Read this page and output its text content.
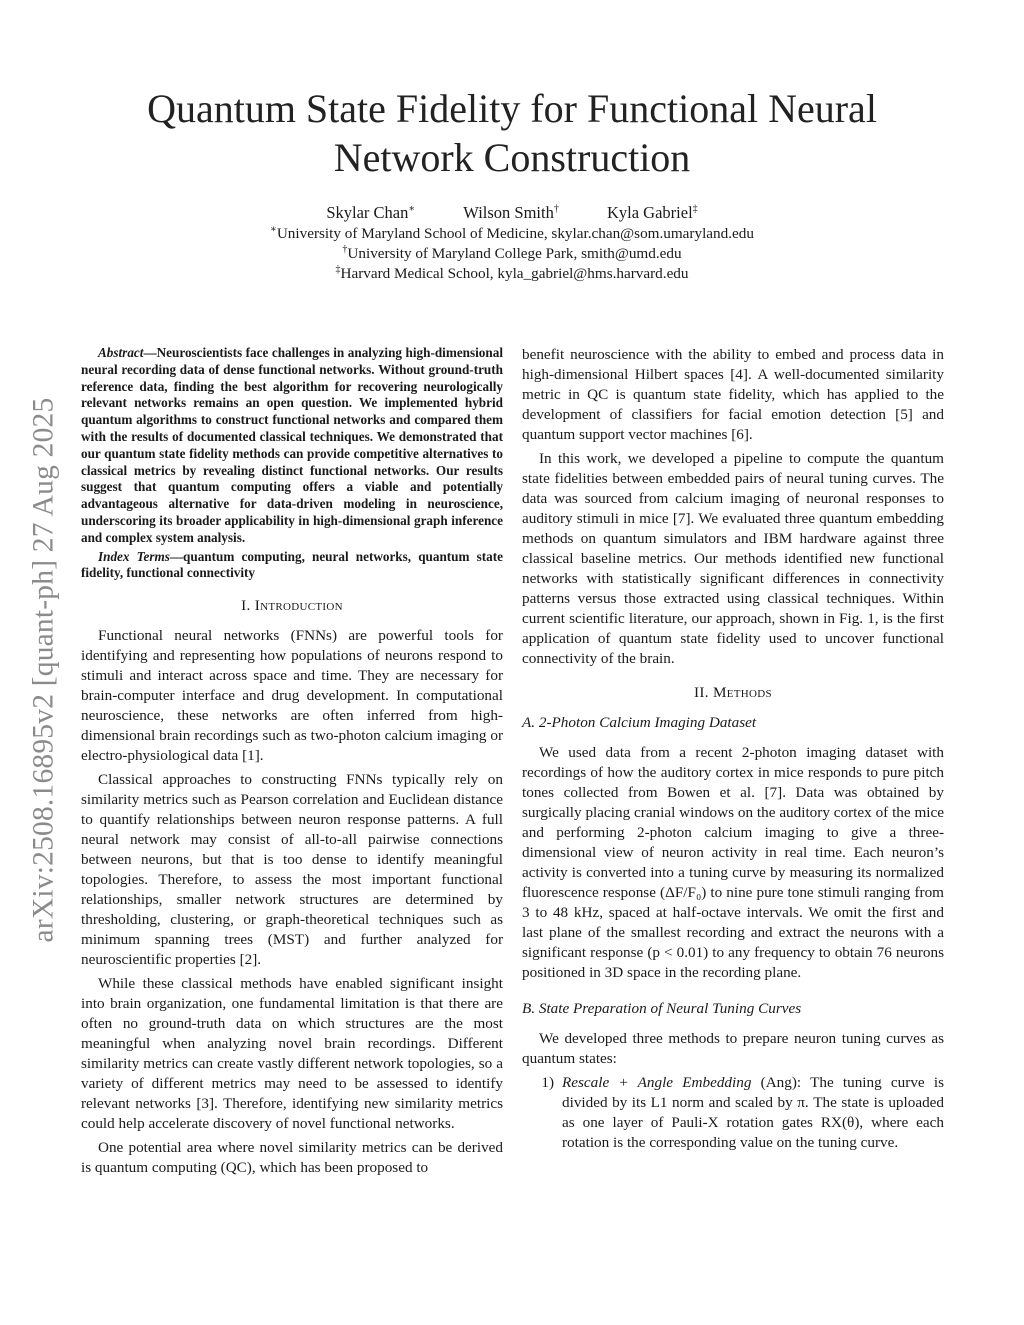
arXiv:2508.16895v2 [quant-ph] 27 Aug 2025
Quantum State Fidelity for Functional Neural Network Construction
Skylar Chan∗	Wilson Smith†	Kyla Gabriel‡
∗University of Maryland School of Medicine, skylar.chan@som.umaryland.edu
†University of Maryland College Park, smith@umd.edu
‡Harvard Medical School, kyla_gabriel@hms.harvard.edu

Abstract—Neuroscientists face challenges in analyzing high-dimensional neural recording data of dense functional networks. Without ground-truth reference data, finding the best algorithm for recovering neurologically relevant networks remains an open question. We implemented hybrid quantum algorithms to construct functional networks and compared them with the results of documented classical techniques. We demonstrated that our quantum state fidelity methods can provide competitive alternatives to classical metrics by revealing distinct functional networks. Our results suggest that quantum computing offers a viable and potentially advantageous alternative for data-driven modeling in neuroscience, underscoring its broader applicability in high-dimensional graph inference and complex system analysis.

Index Terms—quantum computing, neural networks, quantum state fidelity, functional connectivity

I. Introduction

Functional neural networks (FNNs) are powerful tools for identifying and representing how populations of neurons respond to stimuli and interact across space and time. They are necessary for brain-computer interface and drug development. In computational neuroscience, these networks are often inferred from high-dimensional brain recordings such as two-photon calcium imaging or electro-physiological data [1].

Classical approaches to constructing FNNs typically rely on similarity metrics such as Pearson correlation and Euclidean distance to quantify relationships between neuron response patterns. A full neural network may consist of all-to-all pairwise connections between neurons, but that is too dense to identify meaningful topologies. Therefore, to assess the most important functional relationships, smaller network structures are determined by thresholding, clustering, or graph-theoretical techniques such as minimum spanning trees (MST) and further analyzed for neuroscientific properties [2].

While these classical methods have enabled significant insight into brain organization, one fundamental limitation is that there are often no ground-truth data on which structures are the most meaningful when analyzing novel brain recordings. Different similarity metrics can create vastly different network topologies, so a variety of different metrics may need to be assessed to identify relevant networks [3]. Therefore, identifying new similarity metrics could help accelerate discovery of novel functional networks.

One potential area where novel similarity metrics can be derived is quantum computing (QC), which has been proposed to

benefit neuroscience with the ability to embed and process data in high-dimensional Hilbert spaces [4]. A well-documented similarity metric in QC is quantum state fidelity, which has applied to the development of classifiers for facial emotion detection [5] and quantum support vector machines [6].

In this work, we developed a pipeline to compute the quantum state fidelities between embedded pairs of neural tuning curves. The data was sourced from calcium imaging of neuronal responses to auditory stimuli in mice [7]. We evaluated three quantum embedding methods on quantum simulators and IBM hardware against three classical baseline metrics. Our methods identified new functional networks with statistically significant differences in connectivity patterns versus those extracted using classical techniques. Within current scientific literature, our approach, shown in Fig. 1, is the first application of quantum state fidelity used to uncover functional connectivity of the brain.

II. Methods
A. 2-Photon Calcium Imaging Dataset

We used data from a recent 2-photon imaging dataset with recordings of how the auditory cortex in mice responds to pure pitch tones collected from Bowen et al. [7]. Data was obtained by surgically placing cranial windows on the auditory cortex of the mice and performing 2-photon calcium imaging to give a three-dimensional view of neuron activity in real time. Each neuron’s activity is converted into a tuning curve by measuring its normalized fluorescence response (ΔF/F₀) to nine pure tone stimuli ranging from 3 to 48 kHz, spaced at half-octave intervals. We omit the first and last plane of the smallest recording and extract the neurons with a significant response (p < 0.01) to any frequency to obtain 76 neurons positioned in 3D space in the recording plane.

B. State Preparation of Neural Tuning Curves

We developed three methods to prepare neuron tuning curves as quantum states:

1) Rescale + Angle Embedding (Ang): The tuning curve is divided by its L1 norm and scaled by π. The state is uploaded as one layer of Pauli-X rotation gates RX(θ), where each rotation is the corresponding value on the tuning curve.
